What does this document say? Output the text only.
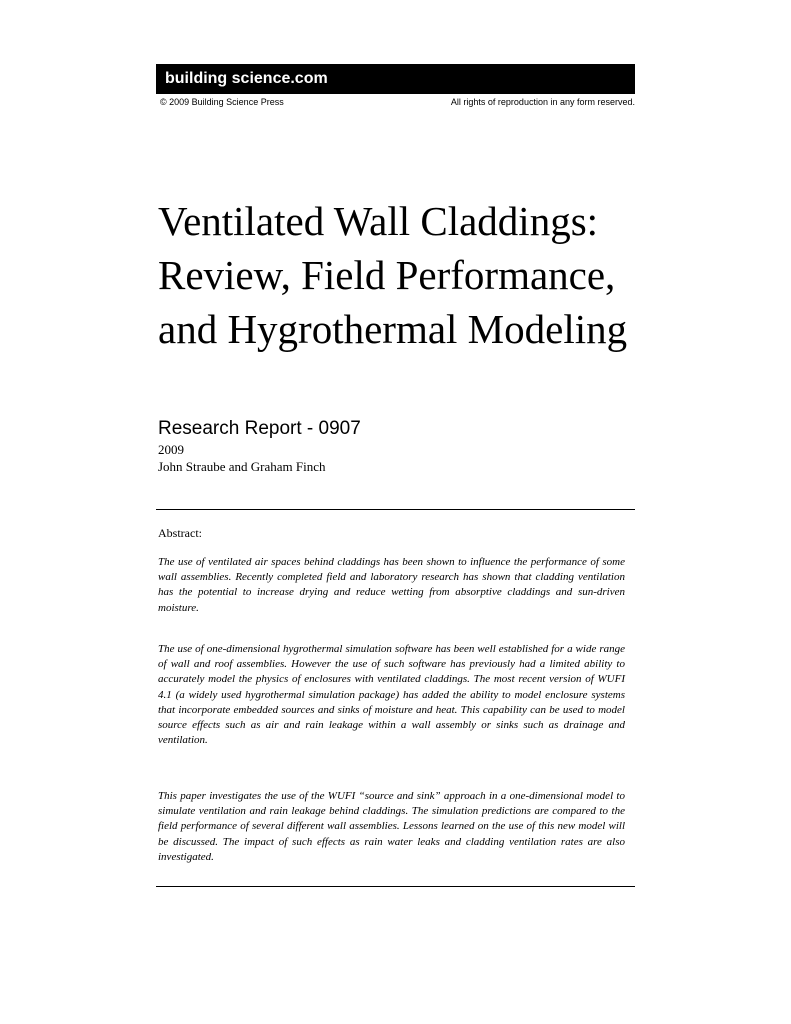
building science.com
© 2009 Building Science Press	All rights of reproduction in any form reserved.
Ventilated Wall Claddings: Review, Field Performance, and Hygrothermal Modeling
Research Report - 0907
2009
John Straube and Graham Finch
Abstract:

The use of ventilated air spaces behind claddings has been shown to influence the performance of some wall assemblies. Recently completed field and laboratory research has shown that cladding ventilation has the potential to increase drying and reduce wetting from absorptive claddings and sun-driven moisture.

The use of one-dimensional hygrothermal simulation software has been well established for a wide range of wall and roof assemblies. However the use of such software has previously had a limited ability to accurately model the physics of enclosures with ventilated claddings. The most recent version of WUFI 4.1 (a widely used hygrothermal simulation package) has added the ability to model enclosure systems that incorporate embedded sources and sinks of moisture and heat. This capability can be used to model source effects such as air and rain leakage within a wall assembly or sinks such as drainage and ventilation.

This paper investigates the use of the WUFI “source and sink” approach in a one-dimensional model to simulate ventilation and rain leakage behind claddings. The simulation predictions are compared to the field performance of several different wall assemblies. Lessons learned on the use of this new model will be discussed. The impact of such effects as rain water leaks and cladding ventilation rates are also investigated.
